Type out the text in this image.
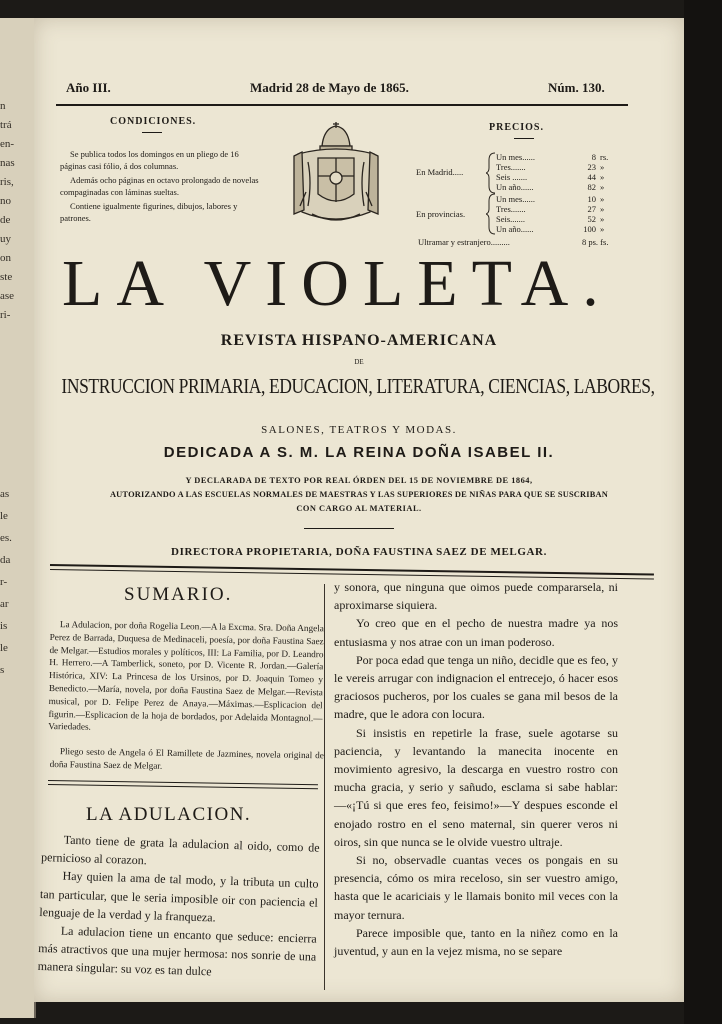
n
trá
en-
nas
ris,
no
de
uy
on
ste
ase
ri-
as
le
es.
da
r-
ar
is
le
s
Año III.	Madrid 28 de Mayo de 1865.	Núm. 130.
CONDICIONES.
Se publica todos los domingos en un pliego de 16 páginas casi fólio, á dos columnas.
Además ocho páginas en octavo prolongado de novelas compaginadas con láminas sueltas.
Contiene igualmente figurines, dibujos, labores y patrones.
PRECIOS.
En Madrid.....
En provincias.
Un mes......	8 rs.
Tres.......	23 »
Seis .......	44 »
Un año......	82 »
Un mes......	10 »
Tres.......	27 »
Seis.......	52 »
Un año......	100 »
Ultramar y estranjero.........	8 ps. fs.
LA VIOLETA.
REVISTA HISPANO-AMERICANA
DE
INSTRUCCION PRIMARIA, EDUCACION, LITERATURA, CIENCIAS, LABORES,
SALONES, TEATROS Y MODAS.
DEDICADA A S. M. LA REINA DOÑA ISABEL II.
Y DECLARADA DE TEXTO POR REAL ÓRDEN DEL 15 DE NOVIEMBRE DE 1864,
AUTORIZANDO A LAS ESCUELAS NORMALES DE MAESTRAS Y LAS SUPERIORES DE NIÑAS PARA QUE SE SUSCRIBAN
CON CARGO AL MATERIAL.
DIRECTORA PROPIETARIA, DOÑA FAUSTINA SAEZ DE MELGAR.
SUMARIO.
La Adulacion, por doña Rogelia Leon.—A la Excma. Sra. Doña Angela Perez de Barrada, Duquesa de Medinaceli, poesía, por doña Faustina Saez de Melgar.—Estudios morales y políticos, III: La Familia, por D. Leandro H. Herrero.—A Tamberlick, soneto, por D. Vicente R. Jordan.—Galería Histórica, XIV: La Princesa de los Ursinos, por D. Joaquin Tomeo y Benedicto.—María, novela, por doña Faustina Saez de Melgar.—Revista musical, por D. Felipe Perez de Anaya.—Máximas.—Esplicacion del figurin.—Esplicacion de la hoja de bordados, por Adelaida Montagnol.—Variedades.
Pliego sesto de Angela ó El Ramillete de Jazmines, novela original de doña Faustina Saez de Melgar.
LA ADULACION.

Tanto tiene de grata la adulacion al oido, como de pernicioso al corazon.

Hay quien la ama de tal modo, y la tributa un culto tan particular, que le seria imposible oir con paciencia el lenguaje de la verdad y la franqueza.

La adulacion tiene un encanto que seduce: encierra más atractivos que una mujer hermosa: nos sonrie de una manera singular: su voz es tan dulce

y sonora, que ninguna que oimos puede compararsela, ni aproximarse siquiera.

Yo creo que en el pecho de nuestra madre ya nos entusiasma y nos atrae con un iman poderoso.

Por poca edad que tenga un niño, decidle que es feo, y le vereis arrugar con indignacion el entrecejo, ó hacer esos graciosos pucheros, por los cuales se gana mil besos de la madre, que le adora con locura.

Si insistis en repetirle la frase, suele agotarse su paciencia, y levantando la manecita inocente en movimiento agresivo, la descarga en vuestro rostro con mucha gracia, y serio y sañudo, esclama si sabe hablar:—«¡Tú si que eres feo, feisimo!»—Y despues esconde el enojado rostro en el seno maternal, sin querer veros ni oiros, sin que nunca se le olvide vuestro ultraje.

Si no, observadle cuantas veces os pongais en su presencia, cómo os mira receloso, sin ser vuestro amigo, hasta que le acariciais y le llamais bonito mil veces con la mayor ternura.

Parece imposible que, tanto en la niñez como en la juventud, y aun en la vejez misma, no se separe
